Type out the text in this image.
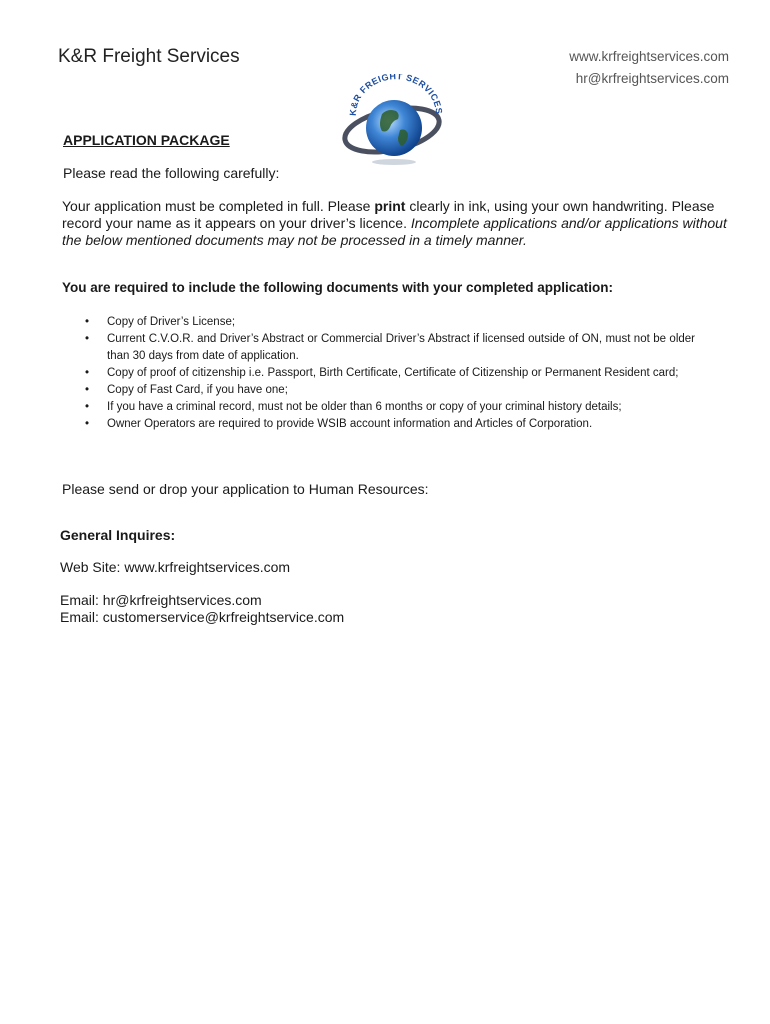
K&R Freight Services	www.krfreightservices.com
hr@krfreightservices.com
K&R FREIGHT SERVICES
APPLICATION PACKAGE
Please read the following carefully:
Your application must be completed in full. Please print clearly in ink, using your own handwriting. Please record your name as it appears on your driver’s licence. Incomplete applications and/or applications without the below mentioned documents may not be processed in a timely manner.
You are required to include the following documents with your completed application:
• Copy of Driver’s License;
• Current C.V.O.R. and Driver’s Abstract or Commercial Driver’s Abstract if licensed outside of ON, must not be older than 30 days from date of application.
• Copy of proof of citizenship i.e. Passport, Birth Certificate, Certificate of Citizenship or Permanent Resident card;
• Copy of Fast Card, if you have one;
• If you have a criminal record, must not be older than 6 months or copy of your criminal history details;
• Owner Operators are required to provide WSIB account information and Articles of Corporation.
Please send or drop your application to Human Resources:
General Inquires:
Web Site: www.krfreightservices.com
Email: hr@krfreightservices.com
Email: customerservice@krfreightservice.com
